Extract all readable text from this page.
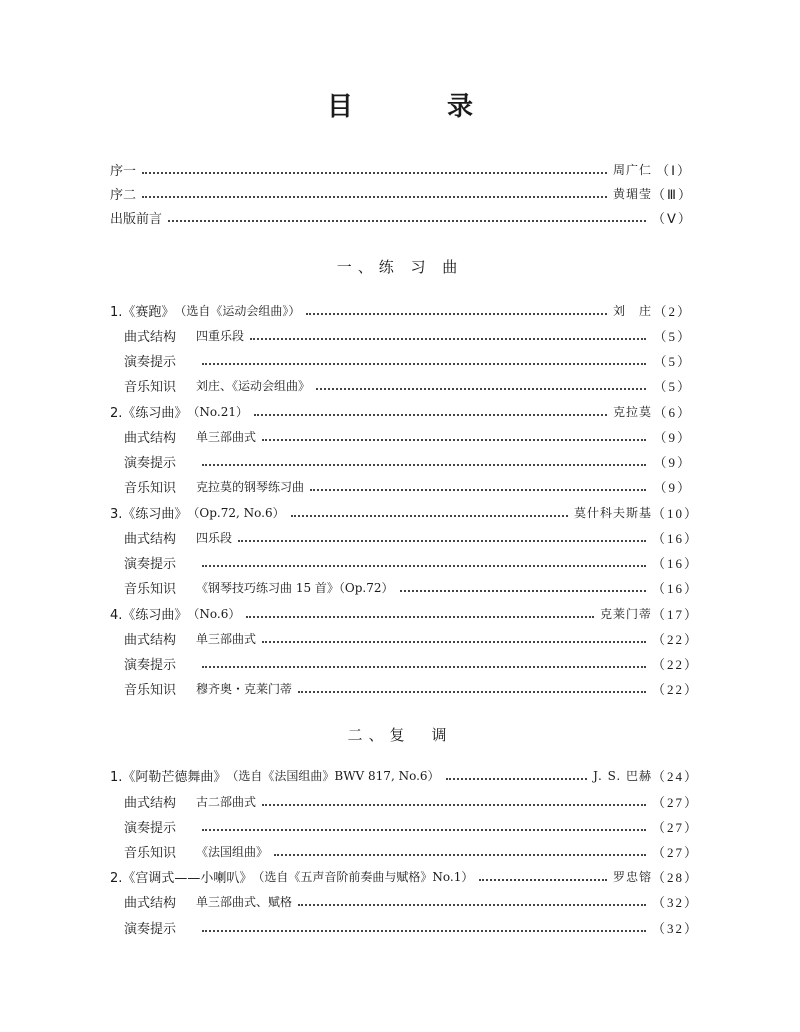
目　录
序一	周广仁 （Ⅰ）
序二	黄瑂莹 （Ⅲ）
出版前言	（Ⅴ）
一、练 习 曲
1.《赛跑》 （选自《运动会组曲》）	刘　庄 （2）
曲式结构	四重乐段	（5）
演奏提示	（5）
音乐知识	刘庄、《运动会组曲》	（5）
2.《练习曲》 （No.21）	克拉莫 （6）
曲式结构	单三部曲式	（9）
演奏提示	（9）
音乐知识	克拉莫的钢琴练习曲	（9）
3.《练习曲》 （Op.72, No.6）	莫什科夫斯基 （10）
曲式结构	四乐段	（16）
演奏提示	（16）
音乐知识	《钢琴技巧练习曲 15 首》（Op.72）	（16）
4.《练习曲》 （No.6）	克莱门蒂 （17）
曲式结构	单三部曲式	（22）
演奏提示	（22）
音乐知识	穆齐奥・克莱门蒂	（22）
二、复　调
1.《阿勒芒德舞曲》 （选自《法国组曲》BWV 817, No.6）	J. S. 巴赫 （24）
曲式结构	古二部曲式	（27）
演奏提示	（27）
音乐知识	《法国组曲》	（27）
2.《宫调式——小喇叭》 （选自《五声音阶前奏曲与赋格》No.1）	罗忠镕 （28）
曲式结构	单三部曲式、赋格	（32）
演奏提示	（32）
